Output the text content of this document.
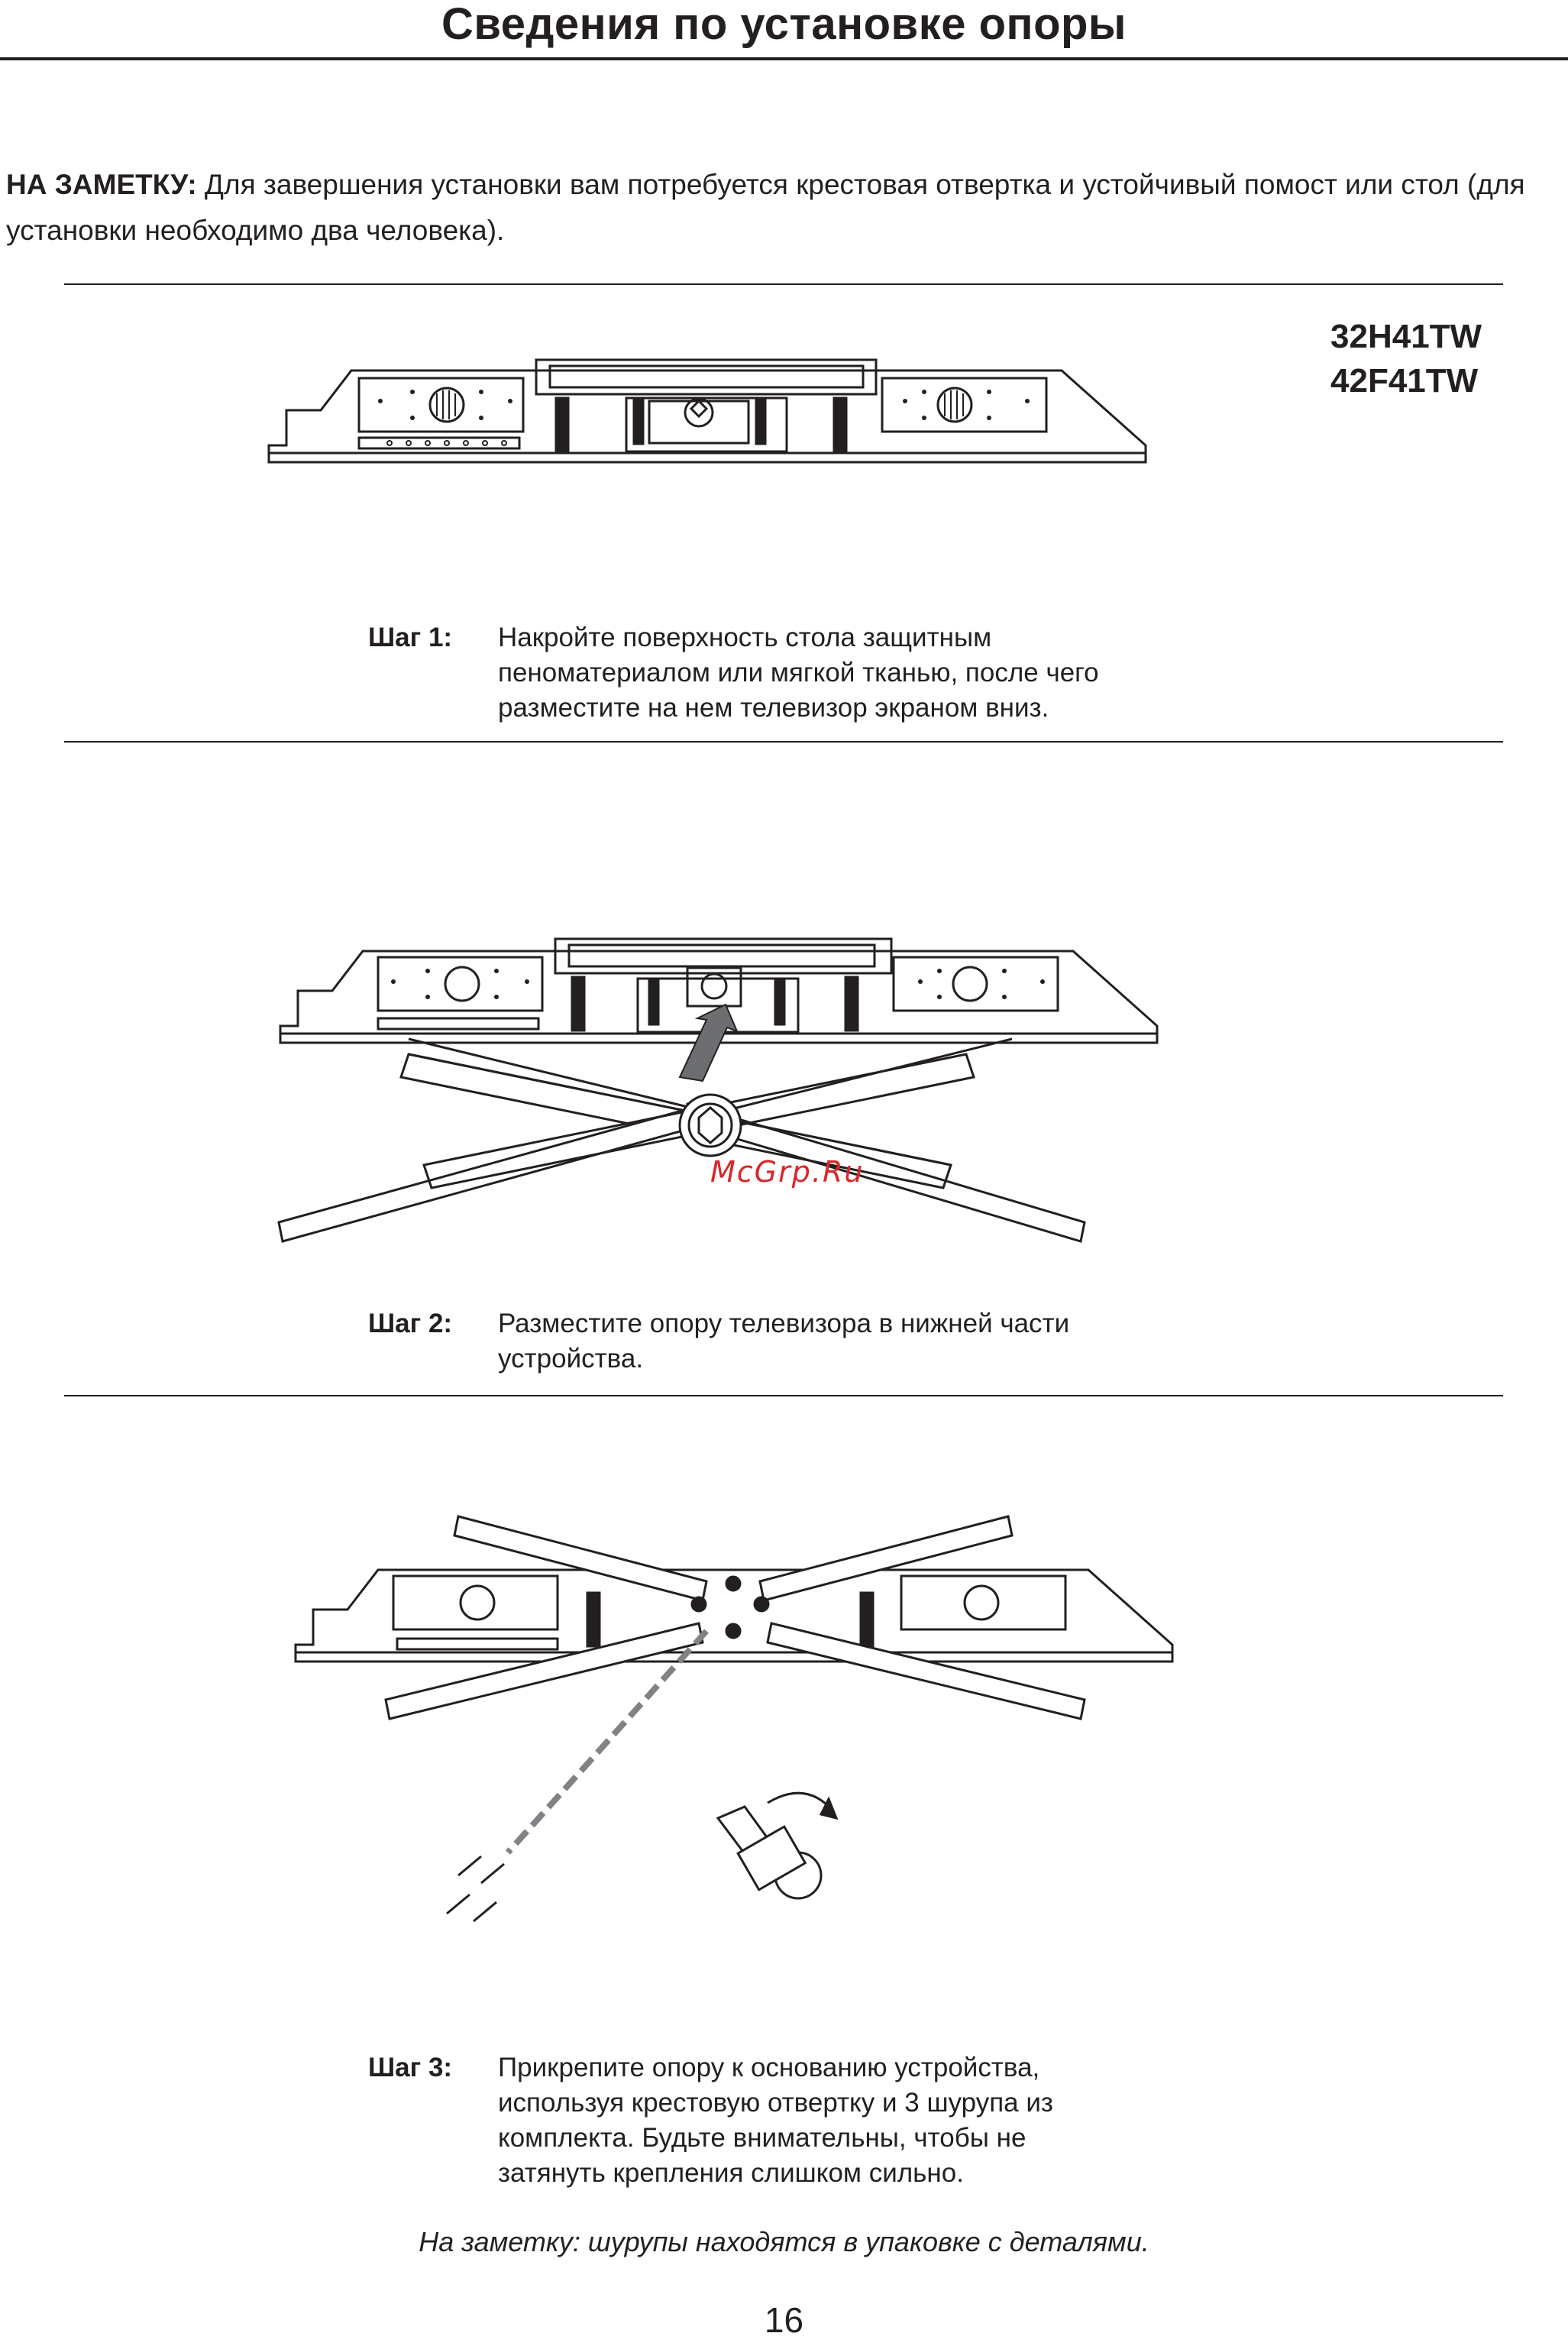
Сведения по установке опоры
НА ЗАМЕТКУ: Для завершения установки вам потребуется крестовая отвертка и устойчивый помост или стол (для установки необходимо два человека).
32H41TW
42F41TW
Шаг 1: Накройте поверхность стола защитным
пеноматериалом или мягкой тканью, после чего
разместите на нем телевизор экраном вниз.
McGrp.Ru
Шаг 2: Разместите опору телевизора в нижней части
устройства.
Шаг 3: Прикрепите опору к основанию устройства,
используя крестовую отвертку и 3 шурупа из
комплекта. Будьте внимательны, чтобы не
затянуть крепления слишком сильно.
На заметку: шурупы находятся в упаковке с деталями.
16
